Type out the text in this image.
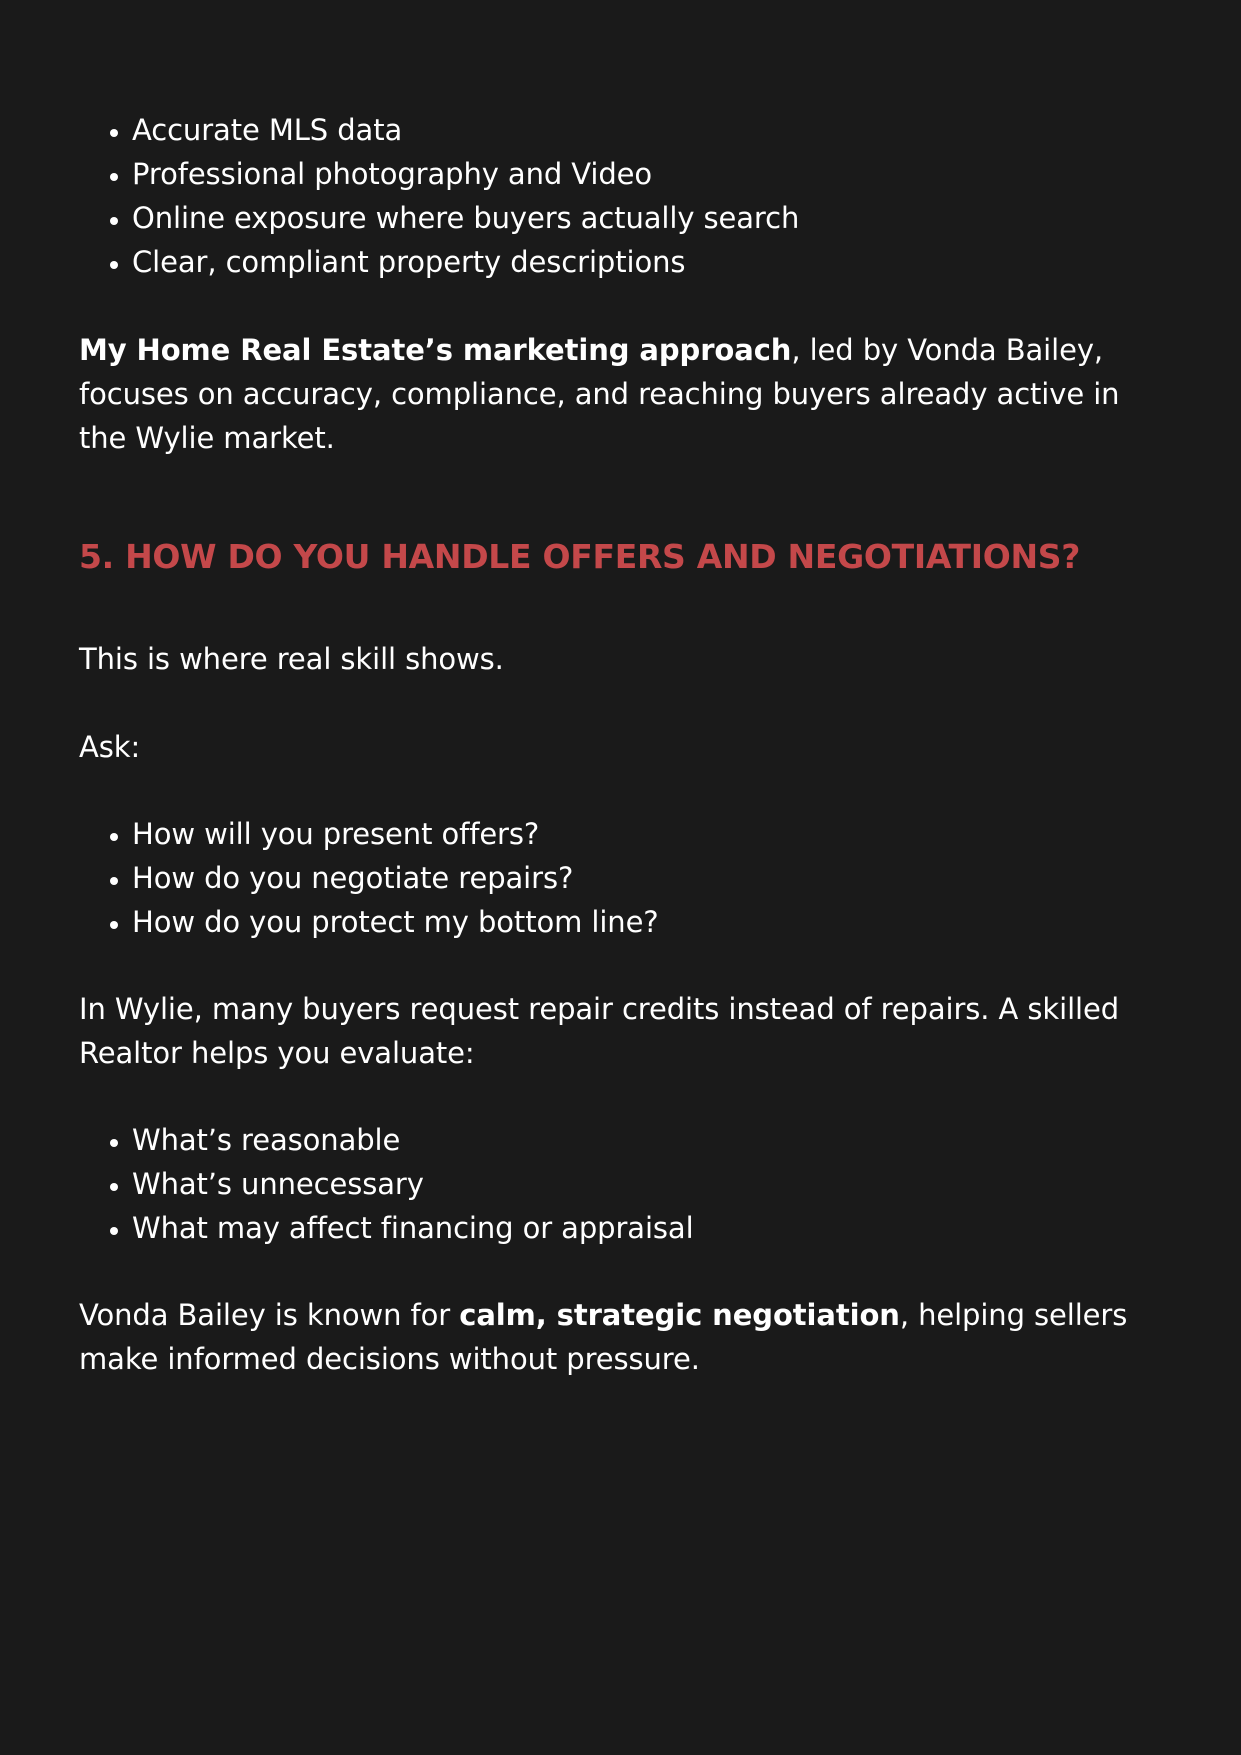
• Accurate MLS data
• Professional photography and Video
• Online exposure where buyers actually search
• Clear, compliant property descriptions

My Home Real Estate’s marketing approach, led by Vonda Bailey, focuses on accuracy, compliance, and reaching buyers already active in the Wylie market.

5. HOW DO YOU HANDLE OFFERS AND NEGOTIATIONS?

This is where real skill shows.

Ask:

• How will you present offers?
• How do you negotiate repairs?
• How do you protect my bottom line?

In Wylie, many buyers request repair credits instead of repairs. A skilled Realtor helps you evaluate:

• What’s reasonable
• What’s unnecessary
• What may affect financing or appraisal

Vonda Bailey is known for calm, strategic negotiation, helping sellers make informed decisions without pressure.
